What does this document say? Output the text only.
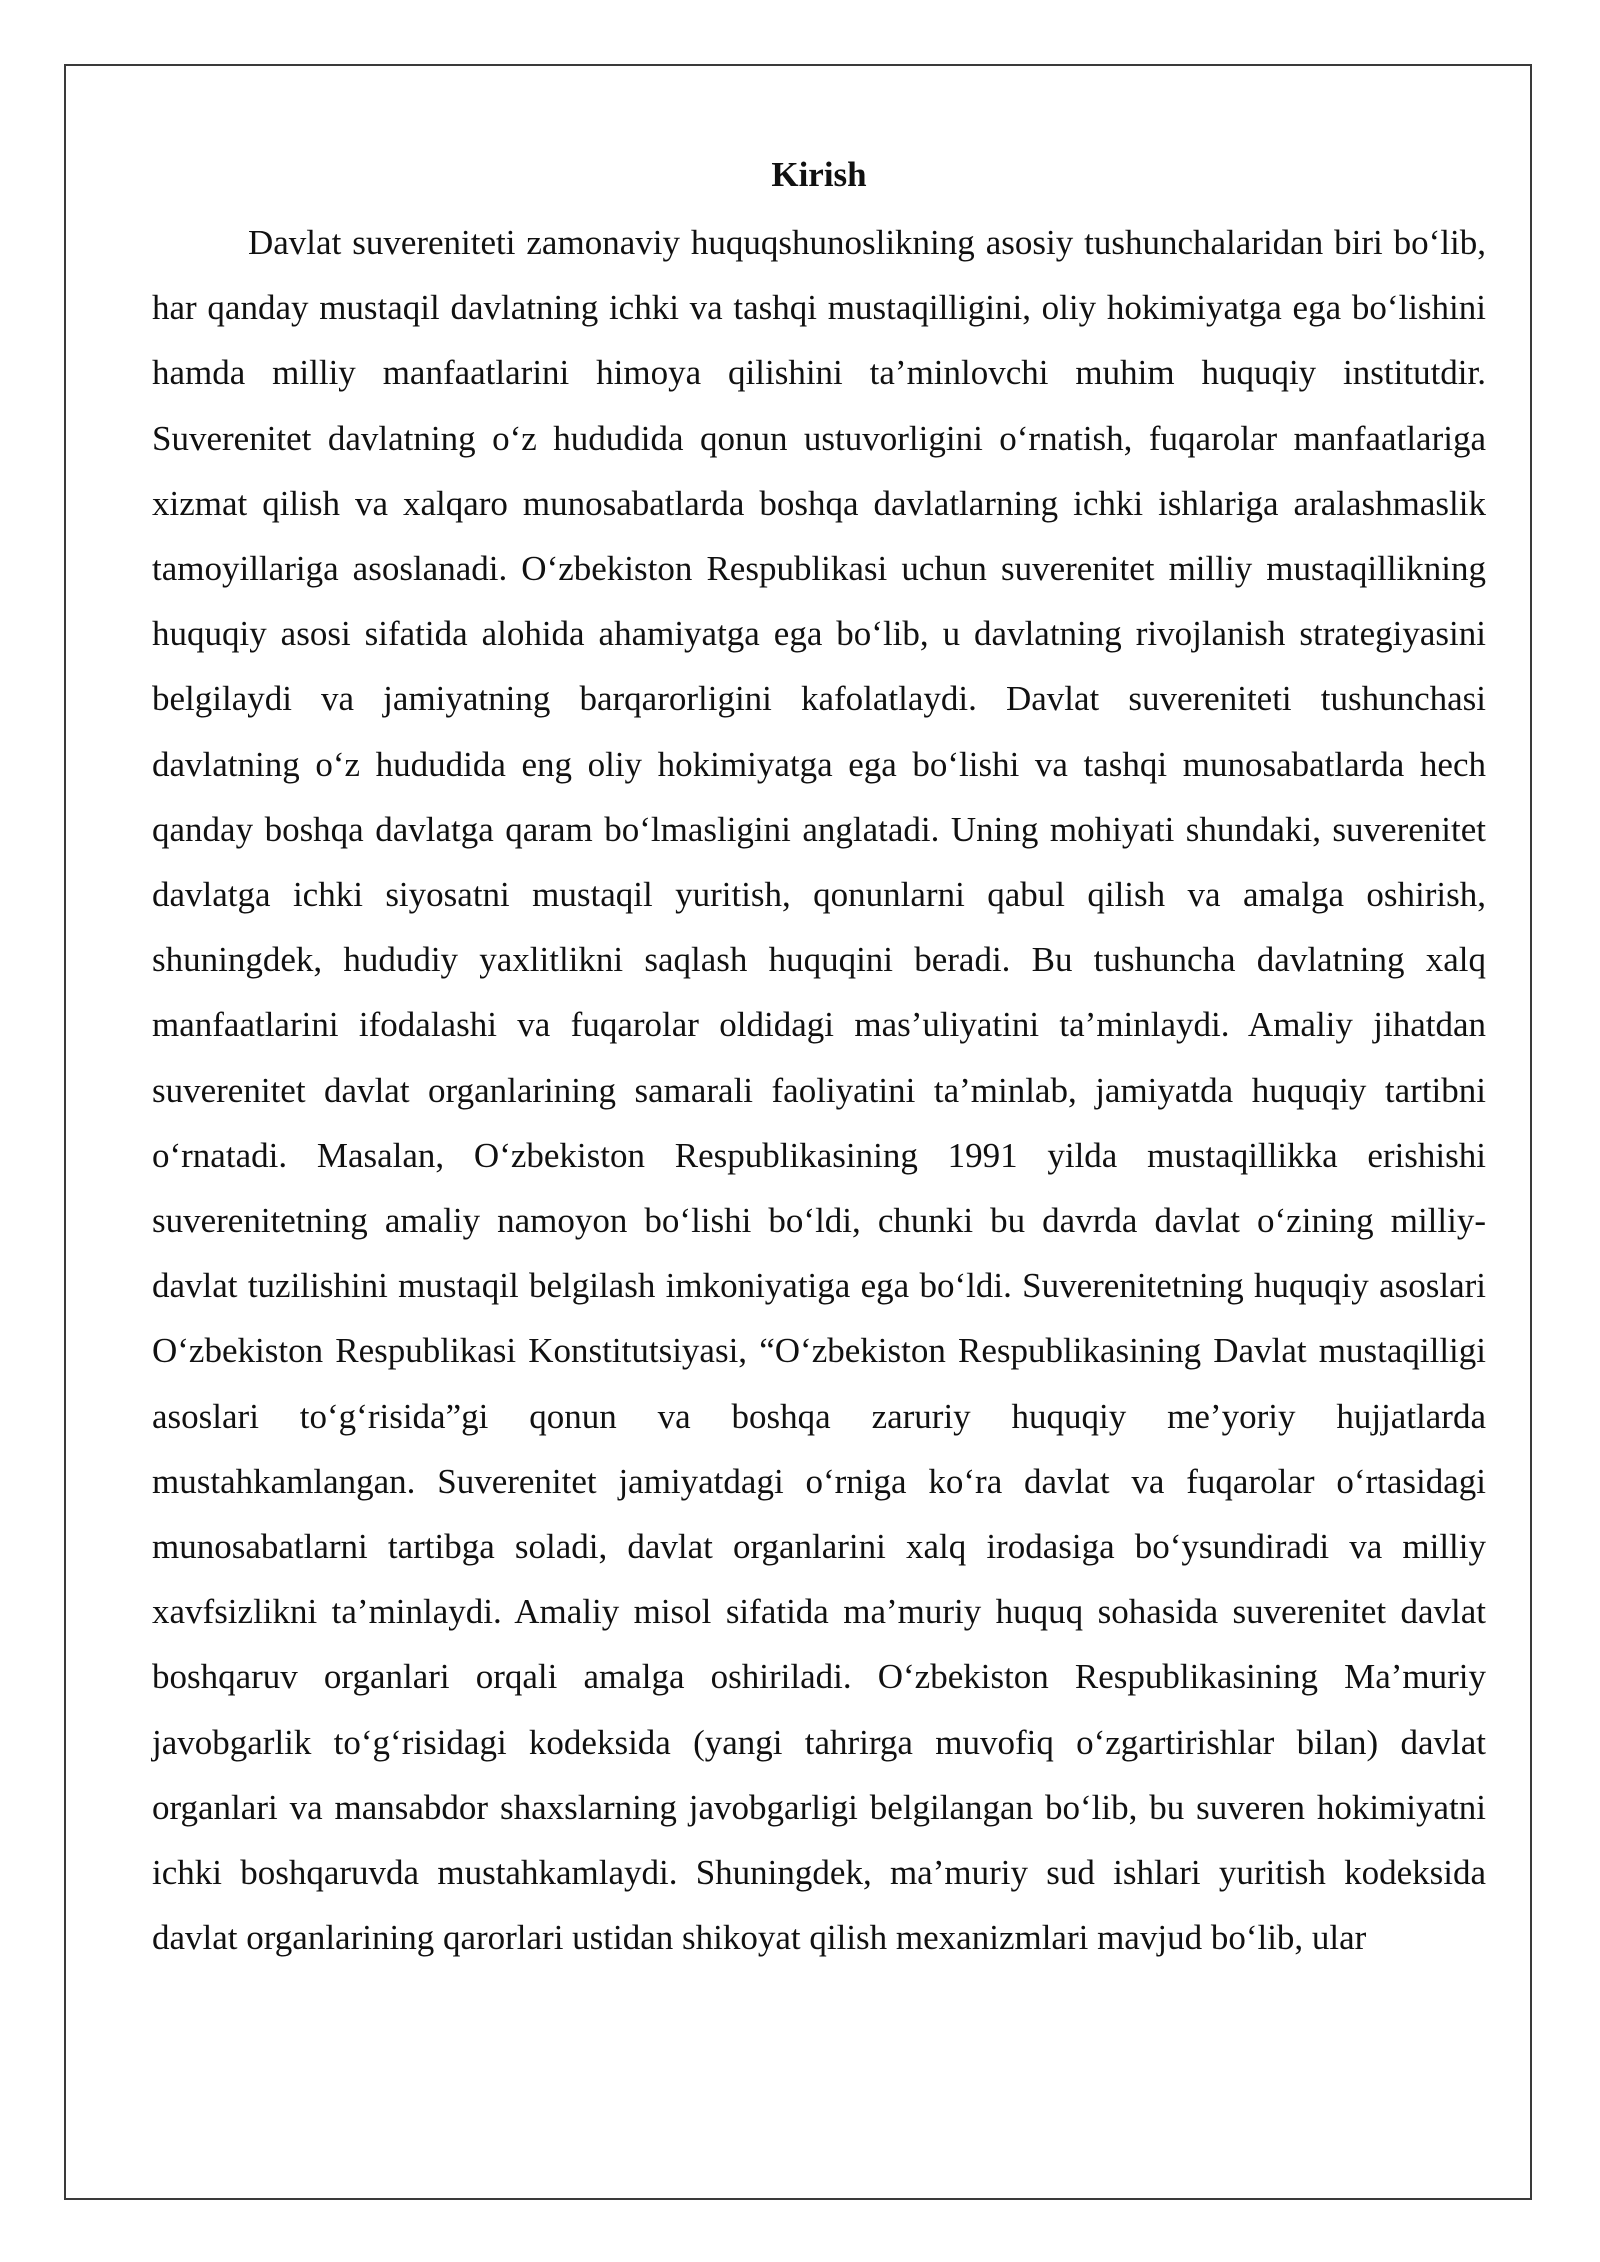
Kirish

Davlat suvereniteti zamonaviy huquqshunoslikning asosiy tushunchalaridan biri bo‘lib, har qanday mustaqil davlatning ichki va tashqi mustaqilligini, oliy hokimiyatga ega bo‘lishini hamda milliy manfaatlarini himoya qilishini ta’minlovchi muhim huquqiy institutdir. Suverenitet davlatning o‘z hududida qonun ustuvorligini o‘rnatish, fuqarolar manfaatlariga xizmat qilish va xalqaro munosabatlarda boshqa davlatlarning ichki ishlariga aralashmaslik tamoyillariga asoslanadi. O‘zbekiston Respublikasi uchun suverenitet milliy mustaqillikning huquqiy asosi sifatida alohida ahamiyatga ega bo‘lib, u davlatning rivojlanish strategiyasini belgilaydi va jamiyatning barqarorligini kafolatlaydi. Davlat suvereniteti tushunchasi davlatning o‘z hududida eng oliy hokimiyatga ega bo‘lishi va tashqi munosabatlarda hech qanday boshqa davlatga qaram bo‘lmasligini anglatadi. Uning mohiyati shundaki, suverenitet davlatga ichki siyosatni mustaqil yuritish, qonunlarni qabul qilish va amalga oshirish, shuningdek, hududiy yaxlitlikni saqlash huquqini beradi. Bu tushuncha davlatning xalq manfaatlarini ifodalashi va fuqarolar oldidagi mas’uliyatini ta’minlaydi. Amaliy jihatdan suverenitet davlat organlarining samarali faoliyatini ta’minlab, jamiyatda huquqiy tartibni o‘rnatadi. Masalan, O‘zbekiston Respublikasining 1991 yilda mustaqillikka erishishi suverenitetning amaliy namoyon bo‘lishi bo‘ldi, chunki bu davrda davlat o‘zining milliy-davlat tuzilishini mustaqil belgilash imkoniyatiga ega bo‘ldi. Suverenitetning huquqiy asoslari O‘zbekiston Respublikasi Konstitutsiyasi, “O‘zbekiston Respublikasining Davlat mustaqilligi asoslari to‘g‘risida”gi qonun va boshqa zaruriy huquqiy me’yoriy hujjatlarda mustahkamlangan. Suverenitet jamiyatdagi o‘rniga ko‘ra davlat va fuqarolar o‘rtasidagi munosabatlarni tartibga soladi, davlat organlarini xalq irodasiga bo‘ysundiradi va milliy xavfsizlikni ta’minlaydi. Amaliy misol sifatida ma’muriy huquq sohasida suverenitet davlat boshqaruv organlari orqali amalga oshiriladi. O‘zbekiston Respublikasining Ma’muriy javobgarlik to‘g‘risidagi kodeksida (yangi tahrirga muvofiq o‘zgartirishlar bilan) davlat organlari va mansabdor shaxslarning javobgarligi belgilangan bo‘lib, bu suveren hokimiyatni ichki boshqaruvda mustahkamlaydi. Shuningdek, ma’muriy sud ishlari yuritish kodeksida davlat organlarining qarorlari ustidan shikoyat qilish mexanizmlari mavjud bo‘lib, ular
